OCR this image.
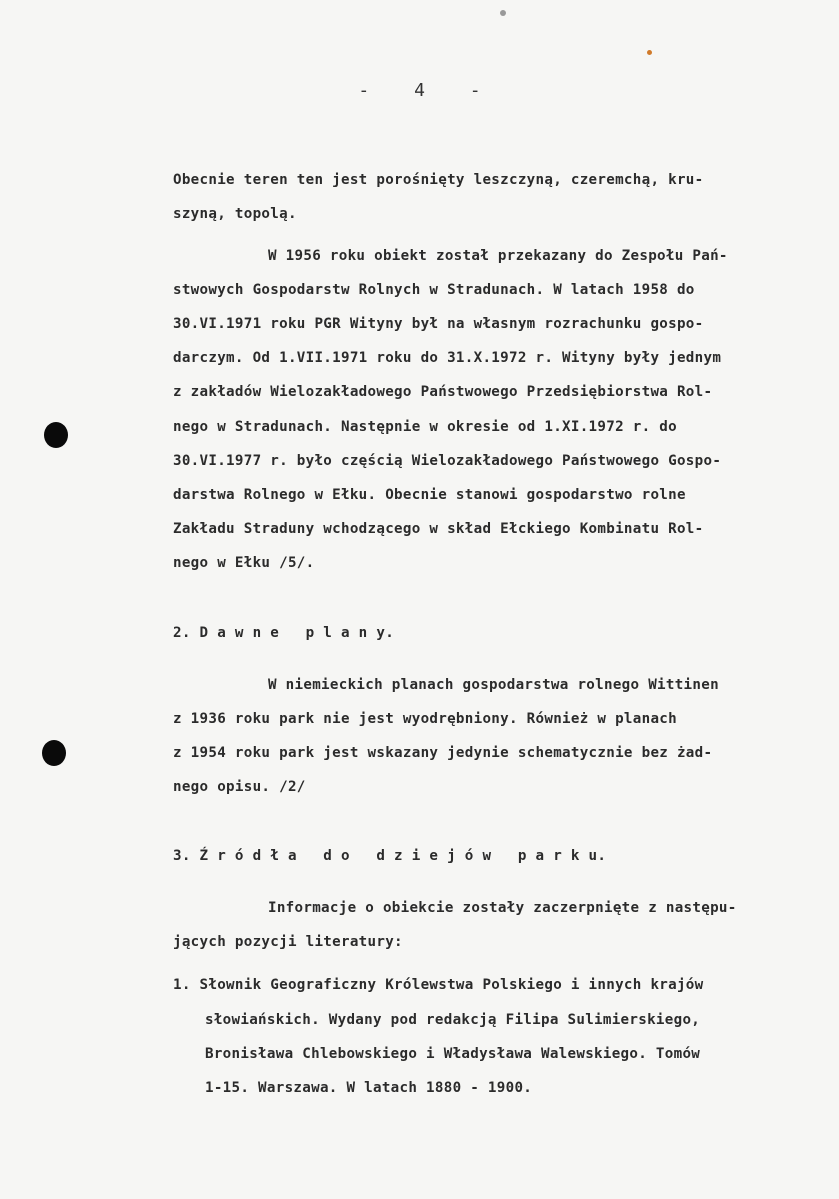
- 4 -
Obecnie teren ten jest porośnięty leszczyną, czeremchą, kru-
szyną, topolą.
W 1956 roku obiekt został przekazany do Zespołu Pań-
stwowych Gospodarstw Rolnych w Stradunach. W latach 1958 do
30.VI.1971 roku PGR Wityny był na własnym rozrachunku gospo-
darczym. Od 1.VII.1971 roku do 31.X.1972 r. Wityny były jednym
z zakładów Wielozakładowego Państwowego Przedsiębiorstwa Rol-
nego w Stradunach. Następnie w okresie od 1.XI.1972 r. do
30.VI.1977 r. było częścią Wielozakładowego Państwowego Gospo-
darstwa Rolnego w Ełku. Obecnie stanowi gospodarstwo rolne
Zakładu Straduny wchodzącego w skład Ełckiego Kombinatu Rol-
nego w Ełku /5/.
2. D a w n e   p l a n y.
W niemieckich planach gospodarstwa rolnego Wittinen
z 1936 roku park nie jest wyodrębniony. Również w planach
z 1954 roku park jest wskazany jedynie schematycznie bez żad-
nego opisu. /2/
3. Ź r ó d ł a   d o   d z i e j ó w   p a r k u.
Informacje o obiekcie zostały zaczerpnięte z następu-
jących pozycji literatury:
1. Słownik Geograficzny Królewstwa Polskiego i innych krajów
słowiańskich. Wydany pod redakcją Filipa Sulimierskiego,
Bronisława Chlebowskiego i Władysława Walewskiego. Tomów
1-15. Warszawa. W latach 1880 - 1900.
